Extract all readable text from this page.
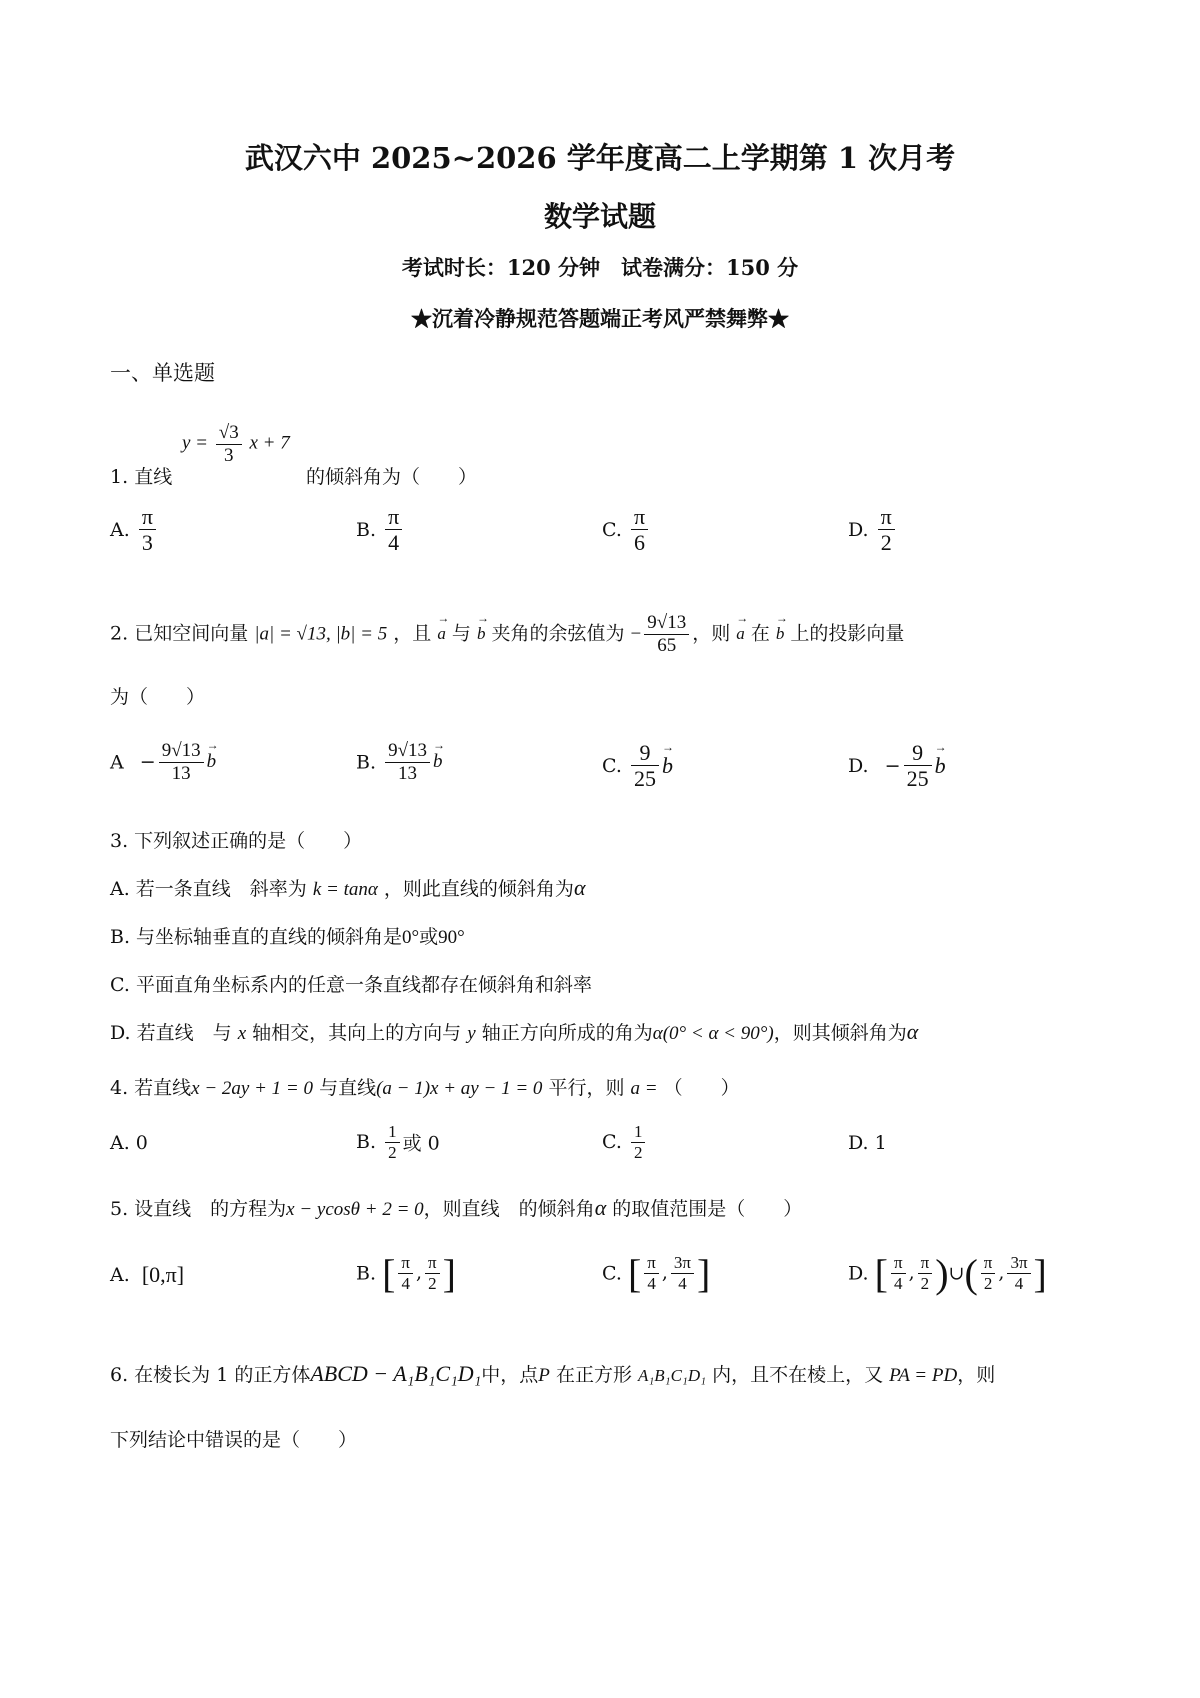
武汉六中 2025~2026 学年度高二上学期第 1 次月考
数学试题
考试时长：120 分钟　试卷满分：150 分
★沉着冷静规范答题端正考风严禁舞弊★
一、单选题
1. 直线
$y = \frac{√3}{3}$ x + 7
的倾斜角为（　　）
A. $\frac{\pi}{3}$	B. $\frac{\pi}{4}$	C. $\frac{\pi}{6}$	D. $\frac{\pi}{2}$
2. 已知空间向量 |a| = √13, |b| = 5 ，且 → a 与 → b 夹角的余弦值为 − $\frac{9√13}{65}$ ，则 → a 在 → b 上的投影向量
为（　　）
$A - \frac{9√13}{13}$
→ b	B. $\frac{9√13}{13}$
→ b	C. $\frac{9}{25}$
→ b	D. − $\frac{9}{25}$
→ b
3. 下列叙述正确的是（　　）
A. 若一条直线　斜率为 k = tanα ，则此直线的倾斜角为α
B. 与坐标轴垂直的直线的倾斜角是0°或90°
C. 平面直角坐标系内的任意一条直线都存在倾斜角和斜率
D. 若直线　与 x 轴相交，其向上的方向与 y 轴正方向所成的角为α(0° < α < 90°)，则其倾斜角为α
4. 若直线x − 2ay + 1 = 0 与直线(a − 1)x + ay − 1 = 0 平行，则 a = （　　）
A. 0	B. $\frac{1}{2}$ 或 0	C. $\frac{1}{2}$	D. 1
5. 设直线　的方程为x − ycosθ + 2 = 0，则直线　的倾斜角α 的取值范围是（　　）
A. [0,π]	B. [ $\frac{\pi}{4}$ , $\frac{\pi}{2}$ ]	C. [ $\frac{\pi}{4}$ , $\frac{3\pi}{4}$ ]	D. [ $\frac{\pi}{4}$ , $\frac{\pi}{2}$ )∪( $\frac{\pi}{2}$ , $\frac{3\pi}{4}$ ]
6. 在棱长为 1 的正方体ABCD − A₁B₁C₁D₁中，点P 在正方形 A₁B₁C₁D₁ 内，且不在棱上，又 PA = PD，则
下列结论中错误的是（　　）
